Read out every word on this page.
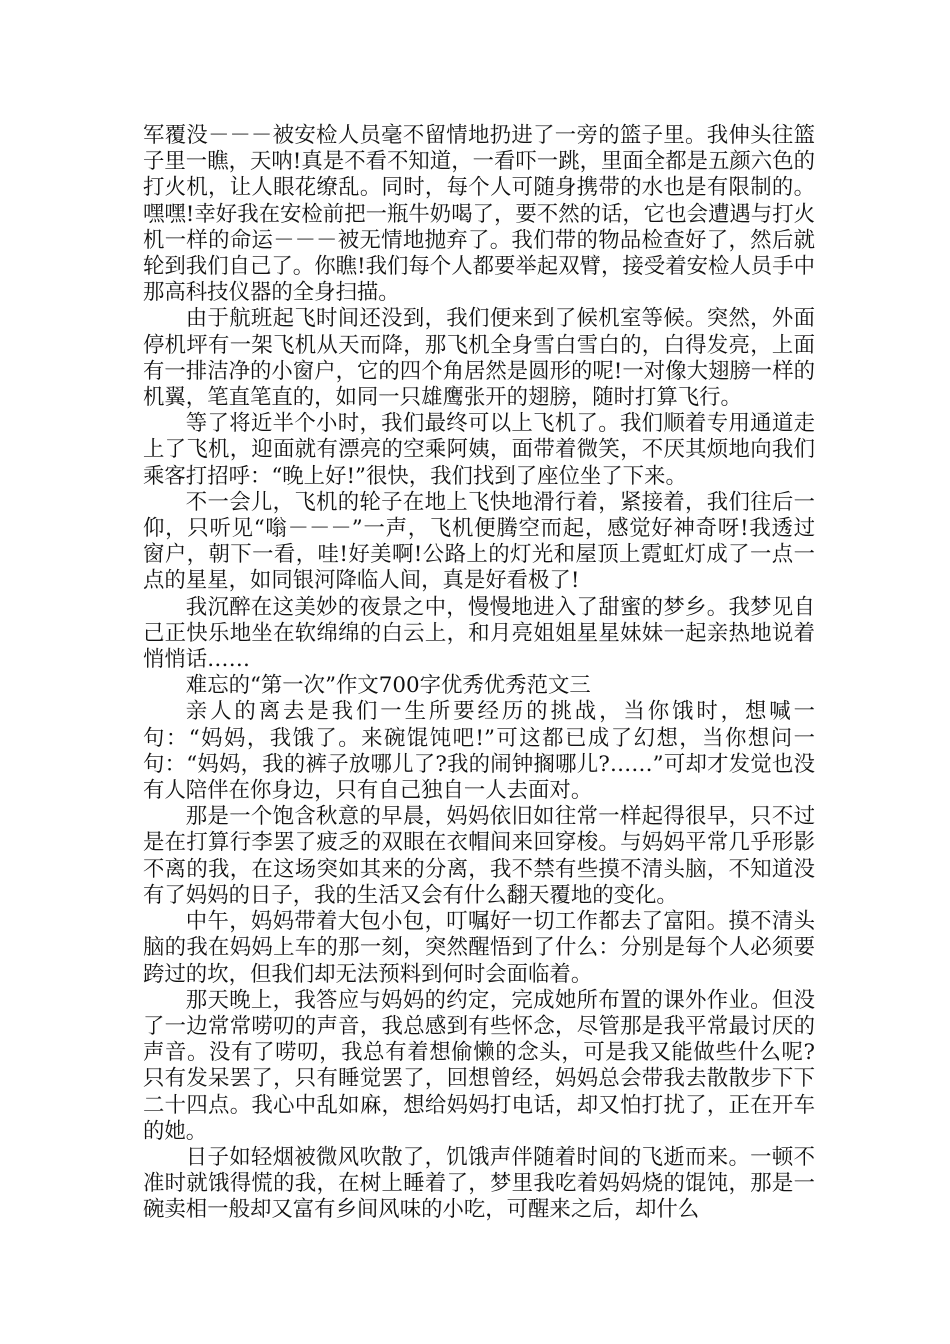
军覆没－－－被安检人员毫不留情地扔进了一旁的篮子里。我伸头往篮子里一瞧，天呐!真是不看不知道，一看吓一跳，里面全都是五颜六色的打火机，让人眼花缭乱。同时，每个人可随身携带的水也是有限制的。嘿嘿!幸好我在安检前把一瓶牛奶喝了，要不然的话，它也会遭遇与打火机一样的命运－－－被无情地抛弃了。我们带的物品检查好了，然后就轮到我们自己了。你瞧!我们每个人都要举起双臂，接受着安检人员手中那高科技仪器的全身扫描。

由于航班起飞时间还没到，我们便来到了候机室等候。突然，外面停机坪有一架飞机从天而降，那飞机全身雪白雪白的，白得发亮，上面有一排洁净的小窗户，它的四个角居然是圆形的呢!一对像大翅膀一样的机翼，笔直笔直的，如同一只雄鹰张开的翅膀，随时打算飞行。

等了将近半个小时，我们最终可以上飞机了。我们顺着专用通道走上了飞机，迎面就有漂亮的空乘阿姨，面带着微笑，不厌其烦地向我们乘客打招呼：“晚上好!”很快，我们找到了座位坐了下来。

不一会儿，飞机的轮子在地上飞快地滑行着，紧接着，我们往后一仰，只听见“嗡－－－”一声，飞机便腾空而起，感觉好神奇呀!我透过窗户，朝下一看，哇!好美啊!公路上的灯光和屋顶上霓虹灯成了一点一点的星星，如同银河降临人间，真是好看极了!

我沉醉在这美妙的夜景之中，慢慢地进入了甜蜜的梦乡。我梦见自己正快乐地坐在软绵绵的白云上，和月亮姐姐星星妹妹一起亲热地说着悄悄话……

难忘的“第一次”作文700字优秀优秀范文三

亲人的离去是我们一生所要经历的挑战，当你饿时，想喊一句：“妈妈，我饿了。来碗馄饨吧!”可这都已成了幻想，当你想问一句：“妈妈，我的裤子放哪儿了?我的闹钟搁哪儿?……”可却才发觉也没有人陪伴在你身边，只有自己独自一人去面对。

那是一个饱含秋意的早晨，妈妈依旧如往常一样起得很早，只不过是在打算行李罢了疲乏的双眼在衣帽间来回穿梭。与妈妈平常几乎形影不离的我，在这场突如其来的分离，我不禁有些摸不清头脑，不知道没有了妈妈的日子，我的生活又会有什么翻天覆地的变化。

中午，妈妈带着大包小包，叮嘱好一切工作都去了富阳。摸不清头脑的我在妈妈上车的那一刻，突然醒悟到了什么：分别是每个人必须要跨过的坎，但我们却无法预料到何时会面临着。

那天晚上，我答应与妈妈的约定，完成她所布置的课外作业。但没了一边常常唠叨的声音，我总感到有些怀念，尽管那是我平常最讨厌的声音。没有了唠叨，我总有着想偷懒的念头，可是我又能做些什么呢?只有发呆罢了，只有睡觉罢了，回想曾经，妈妈总会带我去散散步下下二十四点。我心中乱如麻，想给妈妈打电话，却又怕打扰了，正在开车的她。

日子如轻烟被微风吹散了，饥饿声伴随着时间的飞逝而来。一顿不准时就饿得慌的我，在树上睡着了，梦里我吃着妈妈烧的馄饨，那是一碗卖相一般却又富有乡间风味的小吃，可醒来之后，却什么
